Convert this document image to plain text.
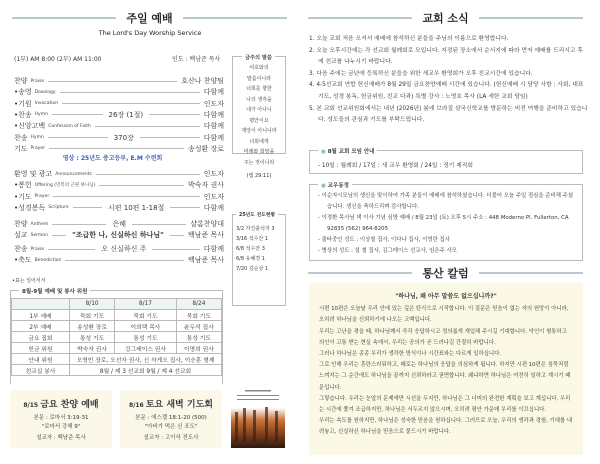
주일 예배
The Lord's Day Worship Service
(1부) AM 8:00 (2부) AM 11:00	인도 : 백남준 목사
찬양 Praise	호산나 찬양팀
•송영 Doxology	다함께
•기원 Invocation	인도자
•찬송 Hymn	26장 (1절)	다함께
•신앙고백 Confession of Faith	다함께
찬송 Hymn	370장	다함께
기도 Prayer	송성환 장로
환영 및 광고 Announcements	인도자
•봉헌 Offering (만복의 근원 하나님)	박숙자 권사
•기도 Prayer	인도자
•성경봉독 Scripture	시편 10편 1-18절	다함께
찬양 Anthem	은혜	샬롬찬양대
설교 Sermon	"조급한 나, 신실하신 하나님"	백남준 목사
찬송 Praise	오 신실하신 주	다함께
•축도 Benediction	백남준 목사
영상 : 25년도 중고등부, E.M 수련회
•표는 일어서서
금주의 말씀
여호와의
말씀이니라
너희를 향한
나의 생각을
내가 아나니
평안이요
재앙이 아니니라
너희에게
미래와 희망을
주는 것이니라
(렘 29:11)
25년도 전도현황
3/2 자진출석자 3
3/16 석수잔 1
6/8 석수잔 3
6/8 유혜경 1
7/20 김순상 1
8월-9월 예배 및 봉사 위원
	8/10	8/17	8/24
1부 예배	묵회 기도	묵회 기도	묵회 기도
2부 예배	송성환 장로	이희택 목사	윤두석 집사
금요 집회	통성 기도	통성 기도	통성 기도
헌금 위원	박숙자 권사	강그레이스 권사	이명희 권사
안내 위원	오영빈 장로, 오선자 권사, 신 삭게오 집사, 이승훈 형제		
친교실 봉사	8월 / 제 3 선교회 9월 / 제 4 선교회		
8/15 금요 찬양 예배
본문 : 로마서 3:19-31
"로마서 강해 9"
설교자 : 백남준 목사
8/16 토요 새벽 기도회
본문 : 에스겔 18:1-20 (500)
"아비가 먹은 신 포도"
설교자 : 고이삭 전도사
교회 소식

1. 오늘 교회 처음 오셔서 예배에 참석하신 분들을 주님의 이름으로 환영합니다.

2. 오늘 오후시간에는 각 선교회 월례회로 모입니다. 지정된 장소에서 순서지에 따라 먼저 예배를 드리시고 후에 친교를 나누시기 바랍니다.

3. 다음 주에는 금년에 등록하신 분들을 위한 새교우 환영회가 오후 친교시간에 있습니다.

4. 4-5선교회 연합 헌신예배가 8월 29일 금요찬양예배 시간에 있습니다. (헌신예배 시 담당 사항 : 사회, 대표기도, 성경 봉독, 헌금위원, 친교 다과) 특별 강사 : 노영호 목사 (LA 세한 교회 담임)

5. 본 교회 선교위원회에서는 내년 (2026년) 봄에 브라질 삼국신학교를 방문하는 비전 여행을 준비하고 있습니다. 성도들의 관심과 기도를 부탁드립니다.

● 8월 교회 모임 안내
- 10일 : 월례회 / 17일 : 새 교우 환영회 / 24일 : 정기 제직회
● 교우동정

- 이순자시모님의 생신을 맞이하여 가족 분들이 예배에 참석하셨습니다. 더불어 오늘 주일 점심을 준비해 주셨습니다. 생신을 축하드리며 감사합니다.

- 이경환 목사님 댁 이사 기념 심방 예배 / 8월 23일 (토) 오후 5시 주소 : 448 Moderno Pl. Fullerton, CA 92835 (562) 964-8205

- 출타중인 성도 : 이상철 집사, 이다나 집사, 이영란 집사

- 병상의 성도 : 설 철 집사, 김그레이스 선교사, 임은주 사모

통산 칼럼
"하나님, 왜 아무 말씀도 없으십니까?"

시편 10편은 오늘날 우리 안에 있는 깊은 탄식으로 시작합니다. 이 질문은 믿음이 없는 자의 원망이 아니라, 오히려 하나님을 신뢰하기에 나오는 고백입니다.

우리는 고난을 겪을 때, 하나님께서 즉각 응답하시고 정의롭게 개입해 주시길 기대합니다. 악인이 형통하고 의인이 고통 받는 현실 속에서, 우리는 공의가 곧 드러나길 간절히 바랍니다.

그러나 하나님은 종종 우리가 생각한 방식이나 시간표와는 다르게 일하십니다.

그로 인해 우리는 혼란스러워하고, 때로는 하나님의 응답을 의심하게 됩니다. 하지만 시편 10편은 침묵처럼 느껴지는 그 순간에도 하나님을 끝까지 신뢰하라고 권면합니다. 왜냐하면 하나님은 여전히 일하고 계시기 때문입니다.

그렇습니다. 우리는 눈앞의 문제에만 시선을 두지만, 하나님은 그 너머의 완전한 계획을 보고 계십니다. 우리는 시간에 쫓겨 조급하지만, 하나님은 서두르지 않으시며, 오히려 평안 가운데 우리를 이끄십니다.

우리는 속도를 원하지만, 하나님은 성숙한 믿음을 원하십니다. 그러므로 오늘, 우리의 생각과 경험, 기대를 내려놓고, 신실하신 하나님을 믿음으로 붙드시기 바랍니다.
